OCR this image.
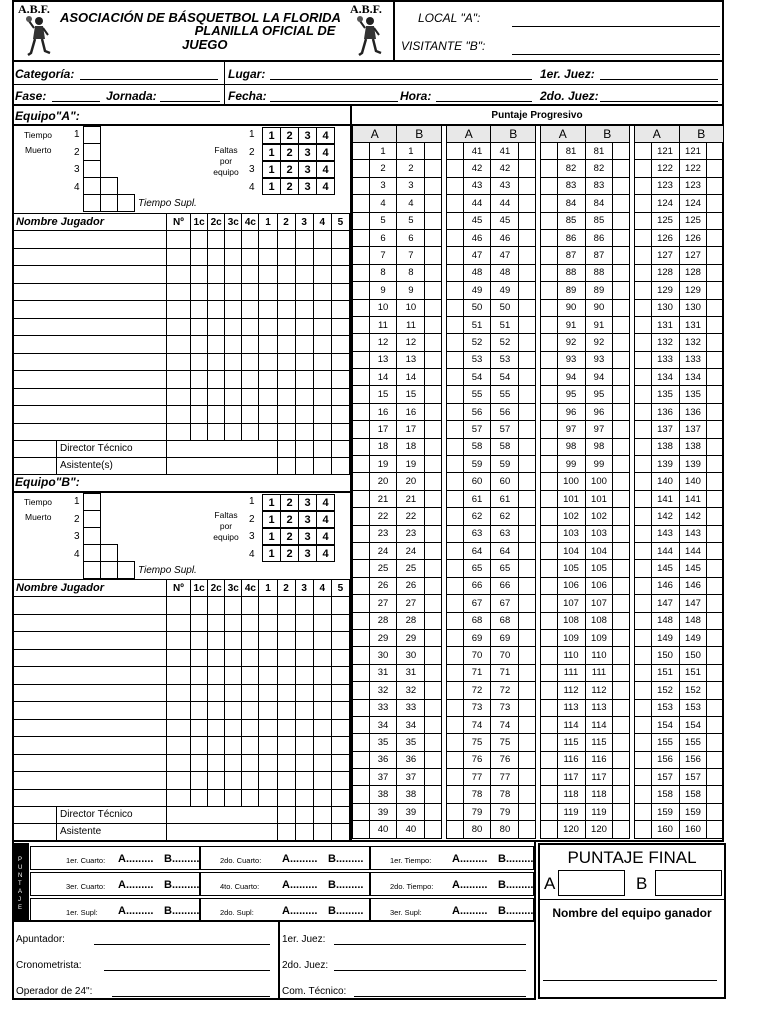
A.B.F.
ASOCIACIÓN DE BÁSQUETBOL LA FLORIDA
PLANILLA OFICIAL DE
JUEGO
A.B.F.
LOCAL "A":
VISITANTE "B":
Categoría:	Lugar:	1er. Juez:
Fase:	Jornada:	Fecha:	Hora:	2do. Juez:
Equipo"A":
Tiempo
Muerto
1
2
3
4
Tiempo Supl.
Faltas
por
equipo
1
2
3
4
1	2	3	4
1	2	3	4
1	2	3	4
1	2	3	4
Nombre Jugador	Nº	1c	2c	3c	4c	1	2	3	4	5

Director Técnico										

Asistente(s)										

Equipo"B":
Tiempo
Muerto
1
2
3
4
Tiempo Supl.
Faltas
por
equipo
1
2
3
4
1	2	3	4
1	2	3	4
1	2	3	4
1	2	3	4
Nombre Jugador	Nº	1c	2c	3c	4c	1	2	3	4	5

Director Técnico										

Asistente										

Puntaje Progresivo
A		B			A		B			A		B			A		B	
	1	1				41	41				81	81				121	121	
	2	2				42	42				82	82				122	122	
	3	3				43	43				83	83				123	123	
	4	4				44	44				84	84				124	124	
	5	5				45	45				85	85				125	125	
	6	6				46	46				86	86				126	126	
	7	7				47	47				87	87				127	127	
	8	8				48	48				88	88				128	128	
	9	9				49	49				89	89				129	129	
	10	10				50	50				90	90				130	130	
	11	11				51	51				91	91				131	131	
	12	12				52	52				92	92				132	132	
	13	13				53	53				93	93				133	133	
	14	14				54	54				94	94				134	134	
	15	15				55	55				95	95				135	135	
	16	16				56	56				96	96				136	136	
	17	17				57	57				97	97				137	137	
	18	18				58	58				98	98				138	138	
	19	19				59	59				99	99				139	139	
	20	20				60	60				100	100				140	140	
	21	21				61	61				101	101				141	141	
	22	22				62	62				102	102				142	142	
	23	23				63	63				103	103				143	143	
	24	24				64	64				104	104				144	144	
	25	25				65	65				105	105				145	145	
	26	26				66	66				106	106				146	146	
	27	27				67	67				107	107				147	147	
	28	28				68	68				108	108				148	148	
	29	29				69	69				109	109				149	149	
	30	30				70	70				110	110				150	150	
	31	31				71	71				111	111				151	151	
	32	32				72	72				112	112				152	152	
	33	33				73	73				113	113				153	153	
	34	34				74	74				114	114				154	154	
	35	35				75	75				115	115				155	155	
	36	36				76	76				116	116				156	156	
	37	37				77	77				117	117				157	157	
	38	38				78	78				118	118				158	158	
	39	39				79	79				119	119				159	159	
	40	40				80	80				120	120				160	160	
P
U
N
T
A
J
E
1er. Cuarto: A......... B.........	2do. Cuarto: A......... B.........	1er. Tiempo: A......... B.........
3er. Cuarto: A......... B.........	4to. Cuarto: A......... B.........	2do. Tiempo: A......... B.........
1er. Supl: A......... B.........	2do. Supl:	A......... B.........	3er. Supl:	A......... B.........
PUNTAJE FINAL
A	B
Nombre del equipo ganador
Apuntador:
Cronometrista:
Operador de 24":
1er. Juez:
2do. Juez:
Com. Técnico:
